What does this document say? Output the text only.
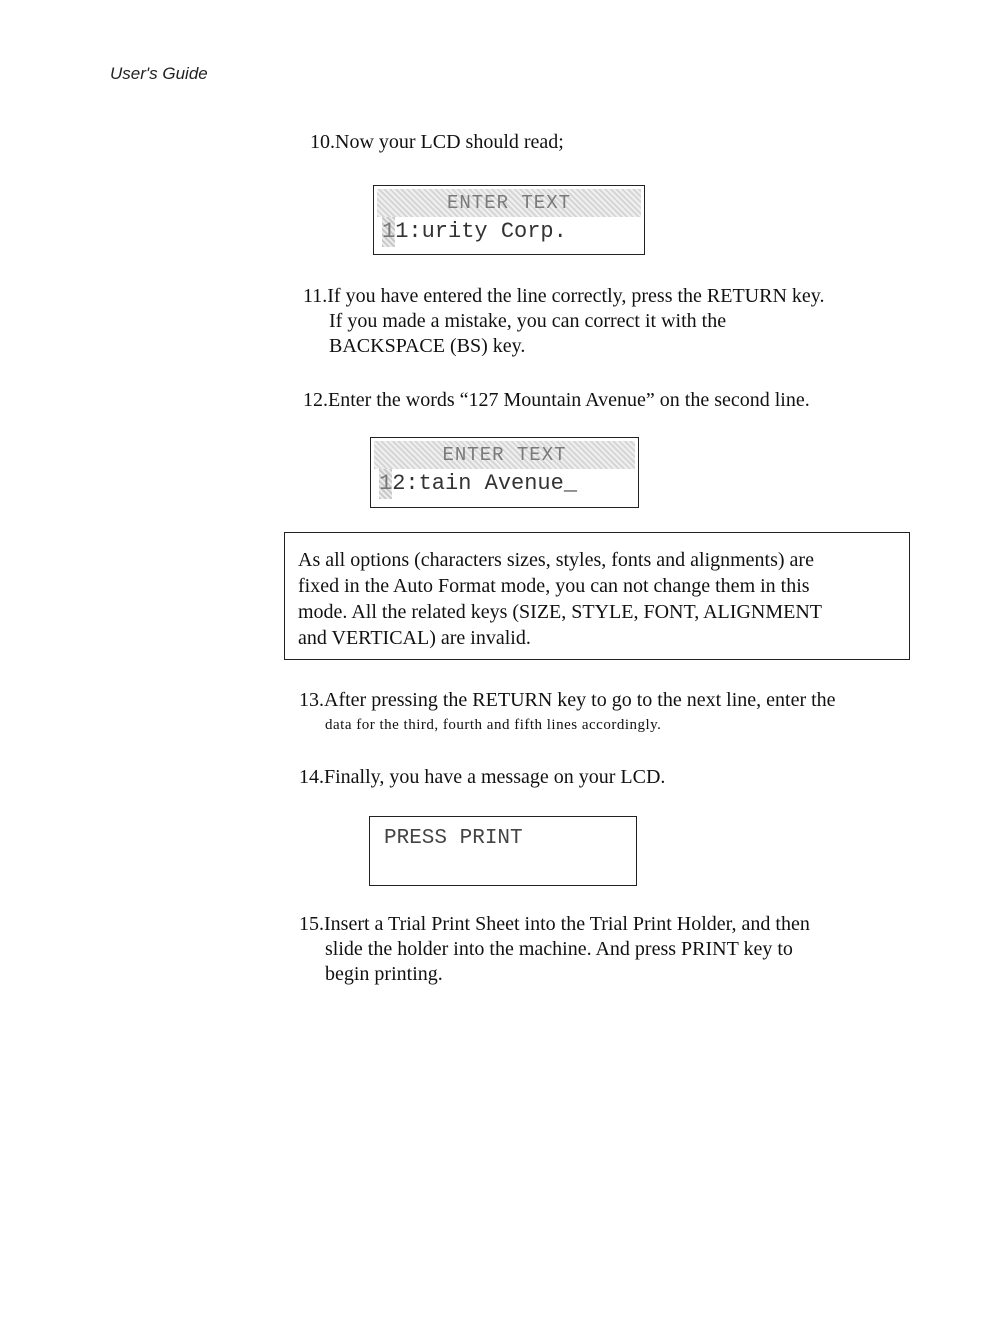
User's Guide
10.Now your LCD should read;
ENTER TEXT
11:urity Corp.
11.If you have entered the line correctly, press the RETURN key.
If you made a mistake, you can correct it with the
BACKSPACE (BS) key.
12.Enter the words “127 Mountain Avenue” on the second line.
ENTER TEXT
12:tain Avenue_
As all options (characters sizes, styles, fonts and alignments) are
fixed in the Auto Format mode, you can not change them in this
mode. All the related keys (SIZE, STYLE, FONT, ALIGNMENT
and VERTICAL) are invalid.
13.After pressing the RETURN key to go to the next line, enter the
data for the third, fourth and fifth lines accordingly.
14.Finally, you have a message on your LCD.
PRESS PRINT
15.Insert a Trial Print Sheet into the Trial Print Holder, and then
slide the holder into the machine. And press PRINT key to
begin printing.
